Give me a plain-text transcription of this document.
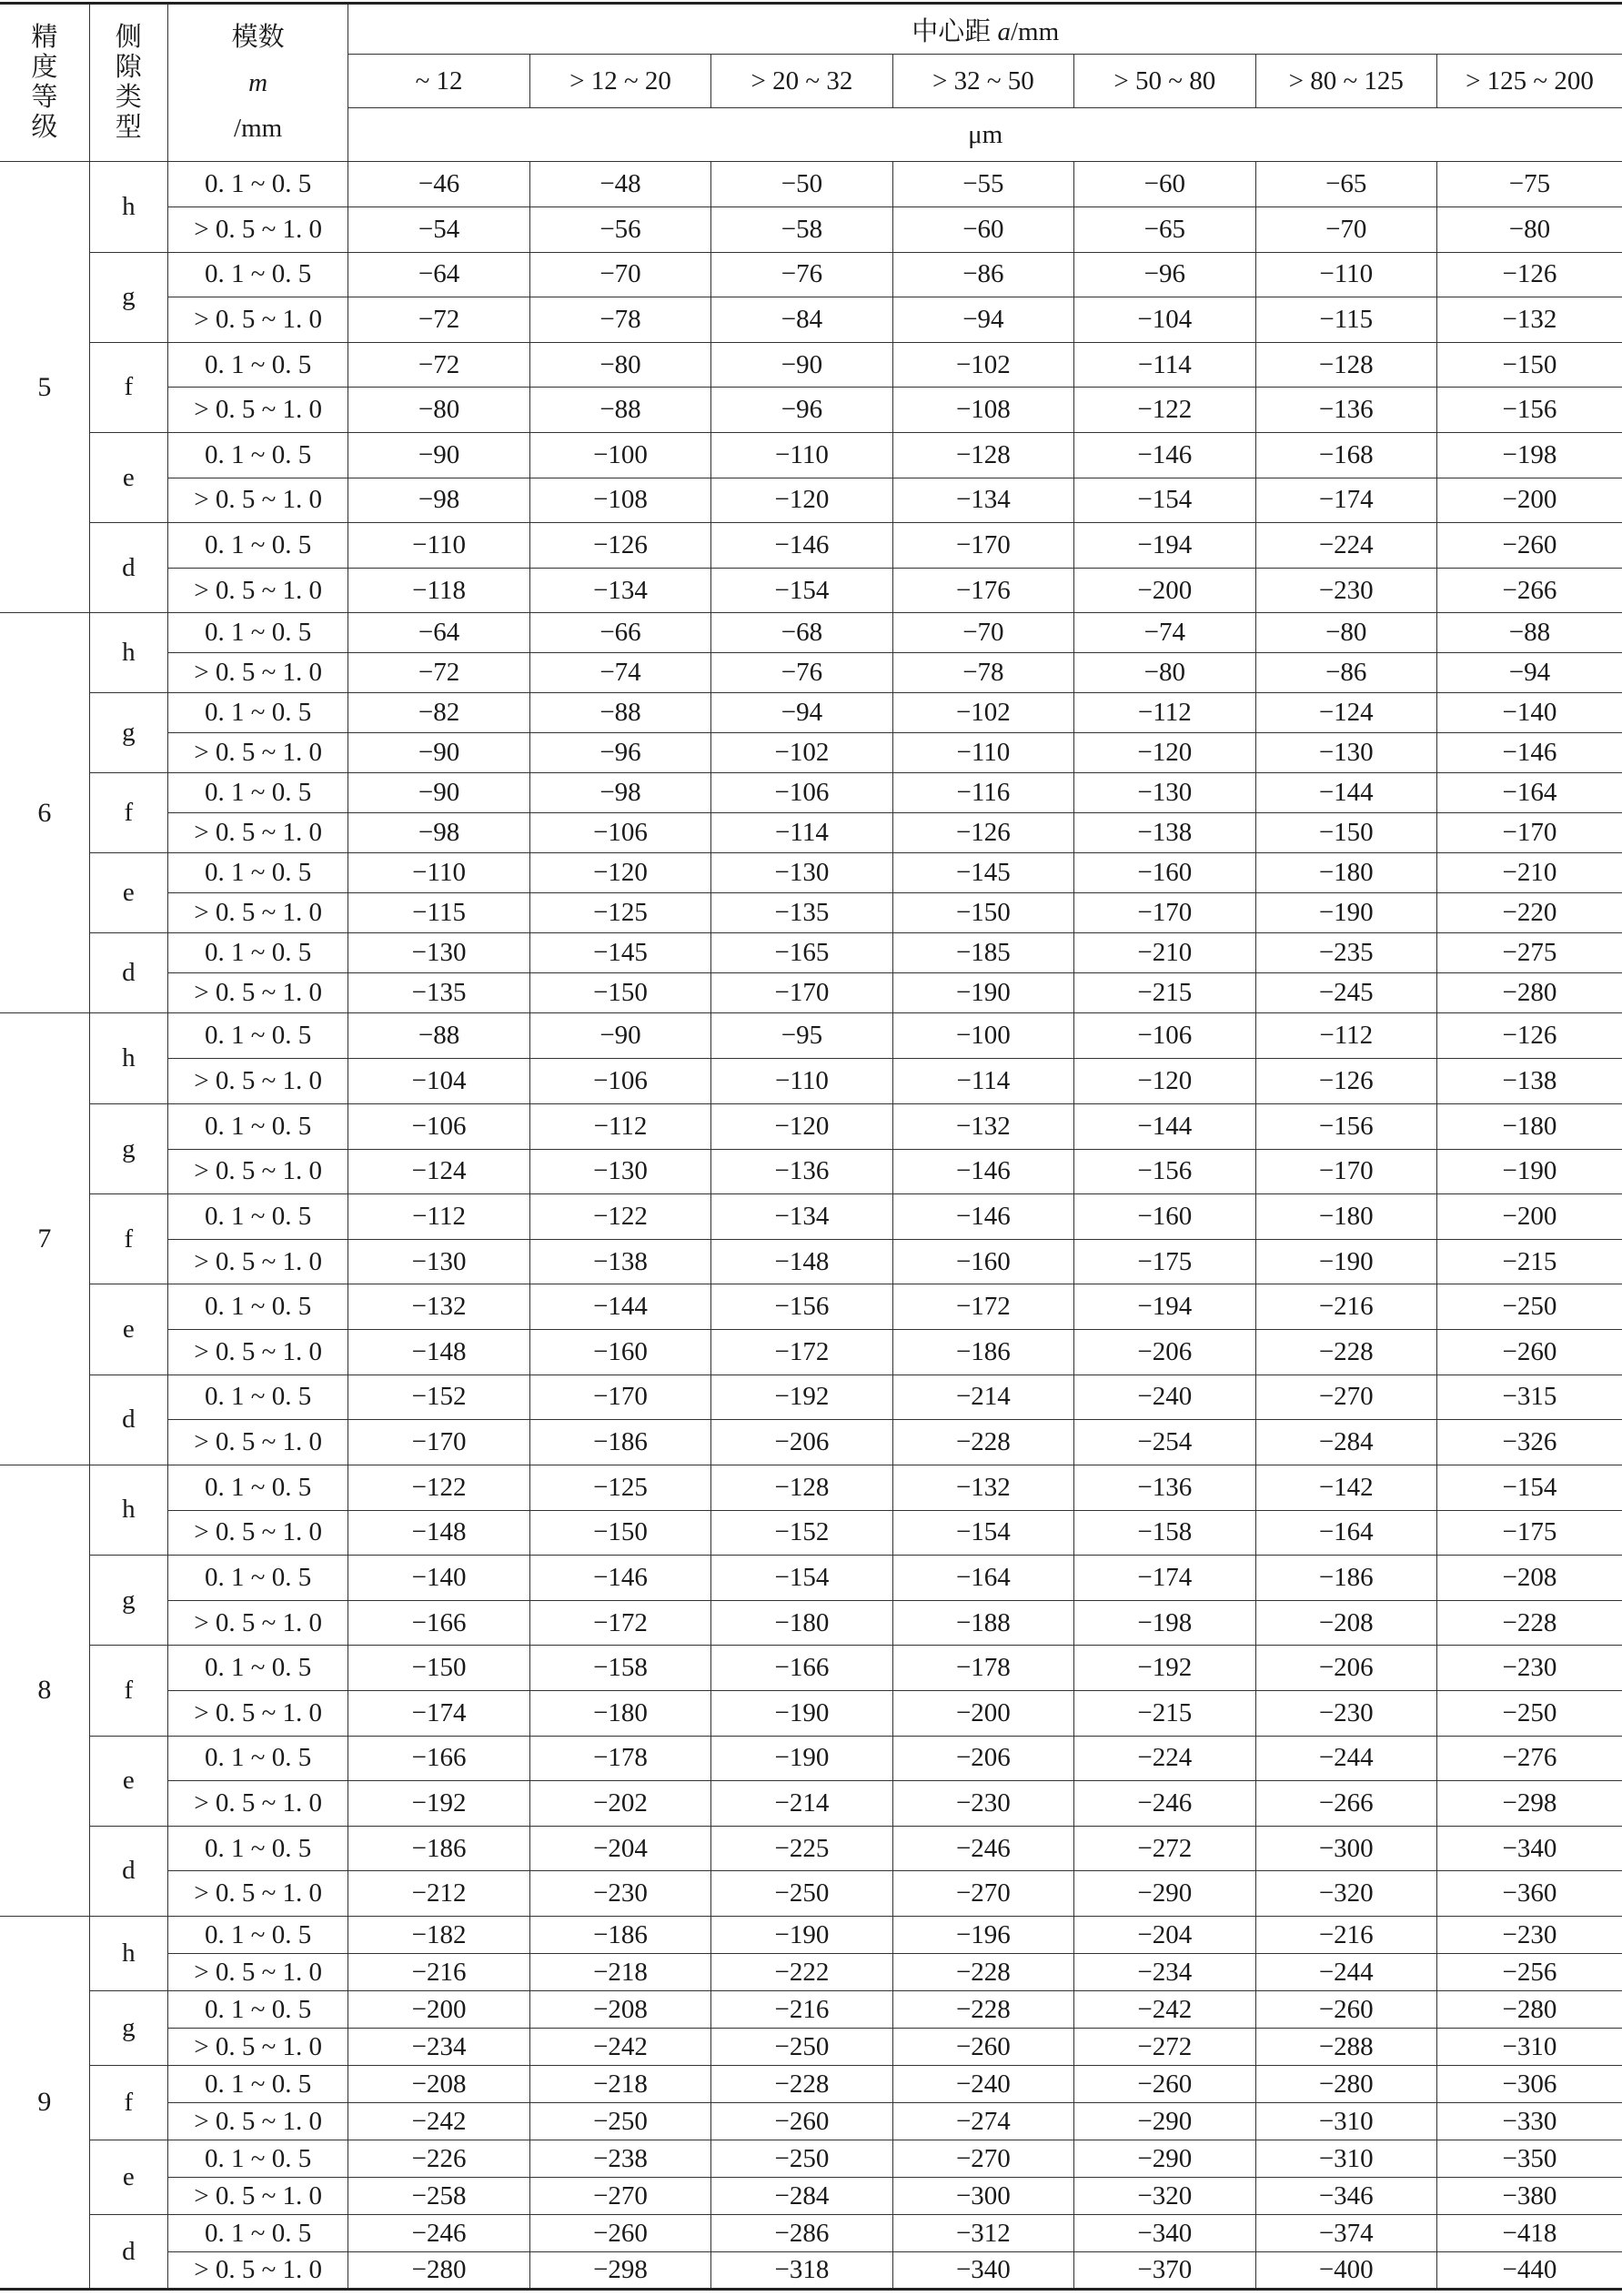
精
度
等
级	侧
隙
类
型	模数
m
/mm	中心距 a/mm						
			~ 12	> 12 ~ 20	> 20 ~ 32	> 32 ~ 50	> 50 ~ 80	> 80 ~ 125	> 125 ~ 200
			μm						
5	h	0. 1 ~ 0. 5	−46	−48	−50	−55	−60	−65	−75
		> 0. 5 ~ 1. 0	−54	−56	−58	−60	−65	−70	−80
	g	0. 1 ~ 0. 5	−64	−70	−76	−86	−96	−110	−126
		> 0. 5 ~ 1. 0	−72	−78	−84	−94	−104	−115	−132
	f	0. 1 ~ 0. 5	−72	−80	−90	−102	−114	−128	−150
		> 0. 5 ~ 1. 0	−80	−88	−96	−108	−122	−136	−156
	e	0. 1 ~ 0. 5	−90	−100	−110	−128	−146	−168	−198
		> 0. 5 ~ 1. 0	−98	−108	−120	−134	−154	−174	−200
	d	0. 1 ~ 0. 5	−110	−126	−146	−170	−194	−224	−260
		> 0. 5 ~ 1. 0	−118	−134	−154	−176	−200	−230	−266
6	h	0. 1 ~ 0. 5	−64	−66	−68	−70	−74	−80	−88
		> 0. 5 ~ 1. 0	−72	−74	−76	−78	−80	−86	−94
	g	0. 1 ~ 0. 5	−82	−88	−94	−102	−112	−124	−140
		> 0. 5 ~ 1. 0	−90	−96	−102	−110	−120	−130	−146
	f	0. 1 ~ 0. 5	−90	−98	−106	−116	−130	−144	−164
		> 0. 5 ~ 1. 0	−98	−106	−114	−126	−138	−150	−170
	e	0. 1 ~ 0. 5	−110	−120	−130	−145	−160	−180	−210
		> 0. 5 ~ 1. 0	−115	−125	−135	−150	−170	−190	−220
	d	0. 1 ~ 0. 5	−130	−145	−165	−185	−210	−235	−275
		> 0. 5 ~ 1. 0	−135	−150	−170	−190	−215	−245	−280
7	h	0. 1 ~ 0. 5	−88	−90	−95	−100	−106	−112	−126
		> 0. 5 ~ 1. 0	−104	−106	−110	−114	−120	−126	−138
	g	0. 1 ~ 0. 5	−106	−112	−120	−132	−144	−156	−180
		> 0. 5 ~ 1. 0	−124	−130	−136	−146	−156	−170	−190
	f	0. 1 ~ 0. 5	−112	−122	−134	−146	−160	−180	−200
		> 0. 5 ~ 1. 0	−130	−138	−148	−160	−175	−190	−215
	e	0. 1 ~ 0. 5	−132	−144	−156	−172	−194	−216	−250
		> 0. 5 ~ 1. 0	−148	−160	−172	−186	−206	−228	−260
	d	0. 1 ~ 0. 5	−152	−170	−192	−214	−240	−270	−315
		> 0. 5 ~ 1. 0	−170	−186	−206	−228	−254	−284	−326
8	h	0. 1 ~ 0. 5	−122	−125	−128	−132	−136	−142	−154
		> 0. 5 ~ 1. 0	−148	−150	−152	−154	−158	−164	−175
	g	0. 1 ~ 0. 5	−140	−146	−154	−164	−174	−186	−208
		> 0. 5 ~ 1. 0	−166	−172	−180	−188	−198	−208	−228
	f	0. 1 ~ 0. 5	−150	−158	−166	−178	−192	−206	−230
		> 0. 5 ~ 1. 0	−174	−180	−190	−200	−215	−230	−250
	e	0. 1 ~ 0. 5	−166	−178	−190	−206	−224	−244	−276
		> 0. 5 ~ 1. 0	−192	−202	−214	−230	−246	−266	−298
	d	0. 1 ~ 0. 5	−186	−204	−225	−246	−272	−300	−340
		> 0. 5 ~ 1. 0	−212	−230	−250	−270	−290	−320	−360
9	h	0. 1 ~ 0. 5	−182	−186	−190	−196	−204	−216	−230
		> 0. 5 ~ 1. 0	−216	−218	−222	−228	−234	−244	−256
	g	0. 1 ~ 0. 5	−200	−208	−216	−228	−242	−260	−280
		> 0. 5 ~ 1. 0	−234	−242	−250	−260	−272	−288	−310
	f	0. 1 ~ 0. 5	−208	−218	−228	−240	−260	−280	−306
		> 0. 5 ~ 1. 0	−242	−250	−260	−274	−290	−310	−330
	e	0. 1 ~ 0. 5	−226	−238	−250	−270	−290	−310	−350
		> 0. 5 ~ 1. 0	−258	−270	−284	−300	−320	−346	−380
	d	0. 1 ~ 0. 5	−246	−260	−286	−312	−340	−374	−418
		> 0. 5 ~ 1. 0	−280	−298	−318	−340	−370	−400	−440
